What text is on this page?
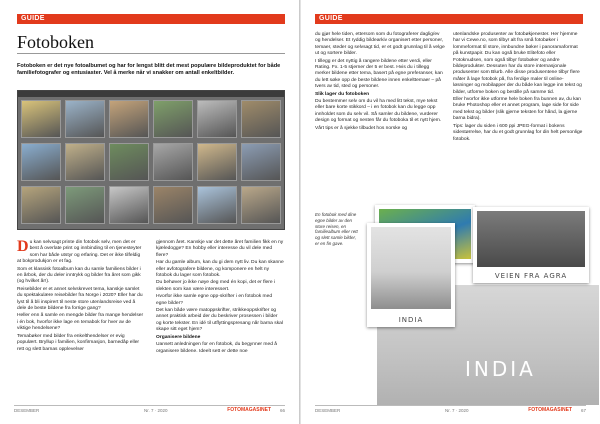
GUIDE
Fotoboken

Fotoboken er det nye fotoalbumet og har for lengst blitt det mest populære bildeproduktet for både familiefotografer og entusiaster. Vel å merke når vi snakker om antall enkeltbilder.

Du kan selvsagt printe din fotobok selv, men det er best å overlate print og innbinding til en tjenesteyter som har både utstyr og erfaring. Det er ikke tilfeldig at bokprodukjon er et fag.

Som et klassisk fotoalbum kan du samle familiens bilder i en årbok, der du deler inntrykk og bilder fra året som gikk (og hvilket år!).

Reisebilder er et annet selvskrevet tema, kanskje samlet du spektakulære reisebilder fra Norge i 2020? Eller har du lyst til å bli inspirert til neste store utenlandsreise ved å dele de beste bildene fra forrige gang?

Heller enn å samle en mengde bilder fra mange hendelser i én bok, hvorfor ikke lage en temabok for hver av de viktige hendelsene?

Temabøker med bilder fra enkelthendelser er evig populært. Bryllup i familien, konfirmasjon, barnedåp eller rett og slett barnas opplevelser

gjennom året. Kanskje var det dette året familien fikk en ny kjæledogge? En hobby eller interesse du vil dele med flere?

Har du gamle album, kan du gi dem nytt liv. Du kan skanne eller avfotografere bildene, og komponere en helt ny fotobok du lager som fotobok.

Du behøver jo ikke nøye deg med én kopi, det er flere i slekten som kan være interessert.

Hvorfor ikke samle egne opp-skrifter i en fotobok med egne bilder?

Det kan både være matoppskrifter, strikkeoppskrifter og annet praktisk arbeid der du beskriver prosessen i bilder og korte tekster. En idé til utflyttingspresang når barna skal skape sitt eget hjem?

Organisere bildene

Uansett anledningen for en fotobok, du begynner med å organisere bildene. Ideelt sett er dette noe

DESEMBER	Nr. 7 · 2020	FOTOMAGASINET 66
GUIDE

du gjør hele tiden, ettersom som du fotograferer daglig/ev og hendelser. Et ryddig bildearkiv organisert etter personer, temaer, steder og selvsagt tid, er et godt grunnlag til å velge ut og sortere bilder.

I tillegg er det nyttig å rangere bildene etter verdi, eller Rating. Fx. 1-5 stjerner der 5 er best. Hvis du i tillegg merker bildene etter tema, basert på egne preferanser, kan du lett søke opp de beste bildene innen enkelttemaer – på tvers av tid, sted og personer.

Slik lager du fotoboken

Du bestemmer selv om du vil ha med litt tekst, mye tekst eller bare korte stikkord – i en fotobok kan du legge opp innholdet som du selv vil. Så samler du bildene, vurderer design og format og nesten får du fotoboka til et nytt hjem.

Vårt tips er å sjekke tilbudet hos norske og

utenlandske produsenter av fotobøkjenester. Her hjemme har vi Cewe.no, som tilbyr alt fra små fotobøker i lommeformat til store, innbundne bøker i panoramaformat på kunstpapir. Du kan også bruke Elitefoto eller Fotoknudsen, som også tilbyr fotobøker og andre bildeprodukter. Dessuten har du store internasjonale produsenter som Blurb. Alle disse produsentene tilbyr flere måter å lage fotobok på, fra ferdige maler til online-løsninger og mobilapper der du både kan legge inn tekst og bilder, utforme boken og bestille på samme tid.

Eller hvorfor ikke utforme hele boken fra bunnen av, du kan bruke Photoshop eller et annet program, lage side for side med tekst og bilder (slik gjerne teksten for hånd, la gjerne barna bidra).

Tips: lager du siden i 600 ppi JPEG-format i bokens sidestørrelse, har du et godt grunnlag for din helt personlige fotobok.

INDIA
INDIA
VEIEN FRA AGRA

En fotobok med dine egne bilder av den store reisen, en familiealbum eller rett og slett samle bilder, er en fin gave.

DESEMBER	Nr. 7 · 2020	FOTOMAGASINET 67
